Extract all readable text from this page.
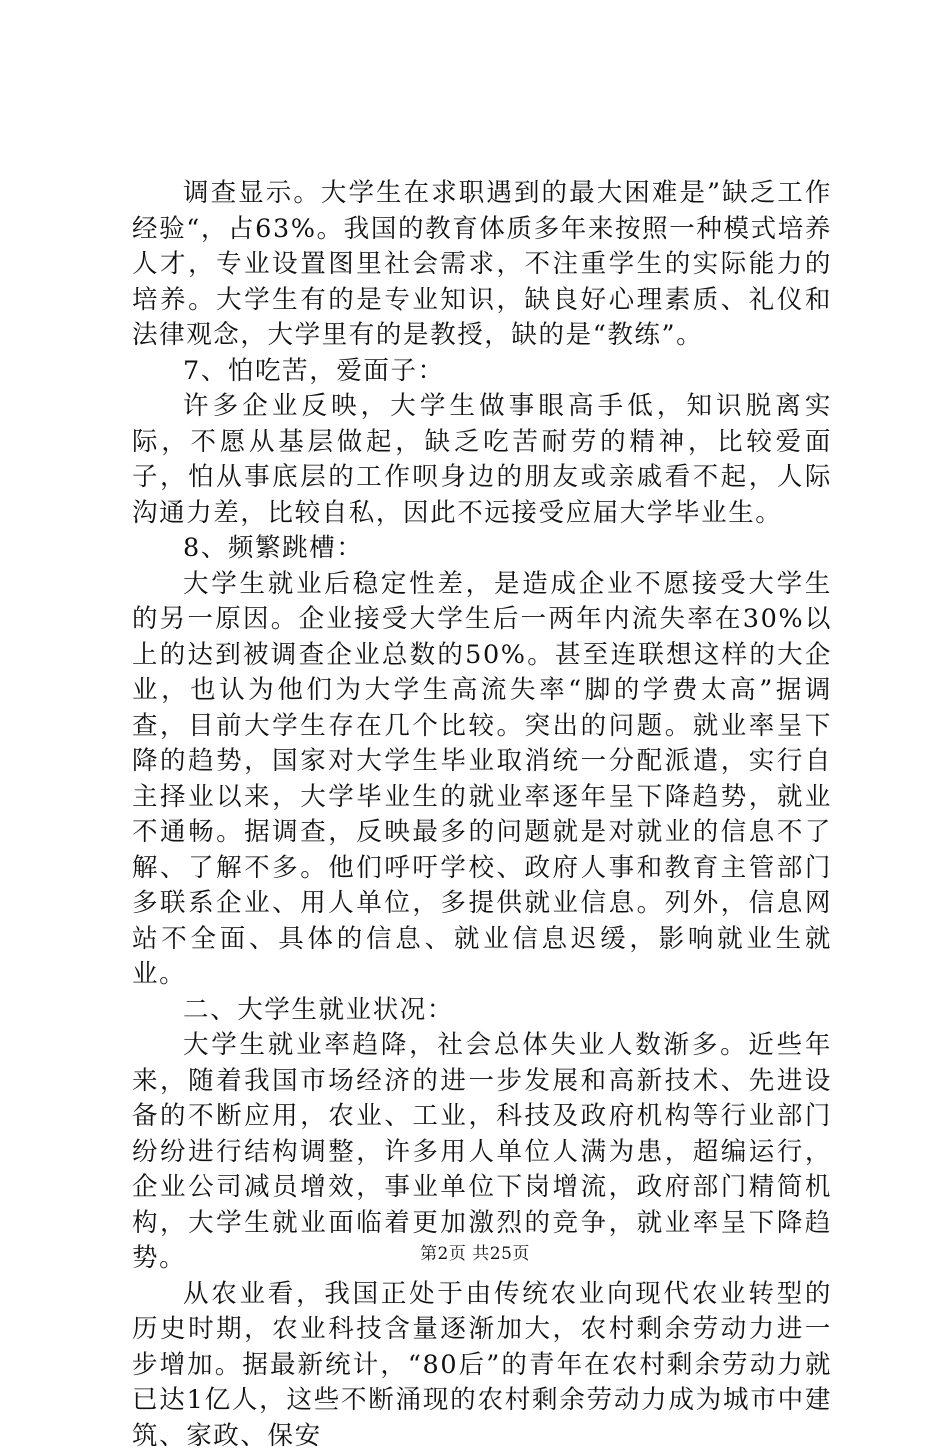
调查显示。大学生在求职遇到的最大困难是”缺乏工作经验“，占63%。我国的教育体质多年来按照一种模式培养人才，专业设置图里社会需求，不注重学生的实际能力的培养。大学生有的是专业知识，缺良好心理素质、礼仪和法律观念，大学里有的是教授，缺的是“教练”。

7、怕吃苦，爱面子：

许多企业反映，大学生做事眼高手低，知识脱离实际，不愿从基层做起，缺乏吃苦耐劳的精神，比较爱面子，怕从事底层的工作呗身边的朋友或亲戚看不起，人际沟通力差，比较自私，因此不远接受应届大学毕业生。

8、频繁跳槽：

大学生就业后稳定性差，是造成企业不愿接受大学生的另一原因。企业接受大学生后一两年内流失率在30%以上的达到被调查企业总数的50%。甚至连联想这样的大企业，也认为他们为大学生高流失率“脚的学费太高”据调查，目前大学生存在几个比较。突出的问题。就业率呈下降的趋势，国家对大学生毕业取消统一分配派遣，实行自主择业以来，大学毕业生的就业率逐年呈下降趋势，就业不通畅。据调查，反映最多的问题就是对就业的信息不了解、了解不多。他们呼吁学校、政府人事和教育主管部门多联系企业、用人单位，多提供就业信息。列外，信息网站不全面、具体的信息、就业信息迟缓，影响就业生就业。

二、大学生就业状况：

大学生就业率趋降，社会总体失业人数渐多。近些年来，随着我国市场经济的进一步发展和高新技术、先进设备的不断应用，农业、工业，科技及政府机构等行业部门纷纷进行结构调整，许多用人单位人满为患，超编运行，企业公司减员增效，事业单位下岗增流，政府部门精简机构，大学生就业面临着更加激烈的竞争，就业率呈下降趋势。

从农业看，我国正处于由传统农业向现代农业转型的历史时期，农业科技含量逐渐加大，农村剩余劳动力进一步增加。据最新统计，“80后”的青年在农村剩余劳动力就已达1亿人，这些不断涌现的农村剩余劳动力成为城市中建筑、家政、保安

第2页 共25页
